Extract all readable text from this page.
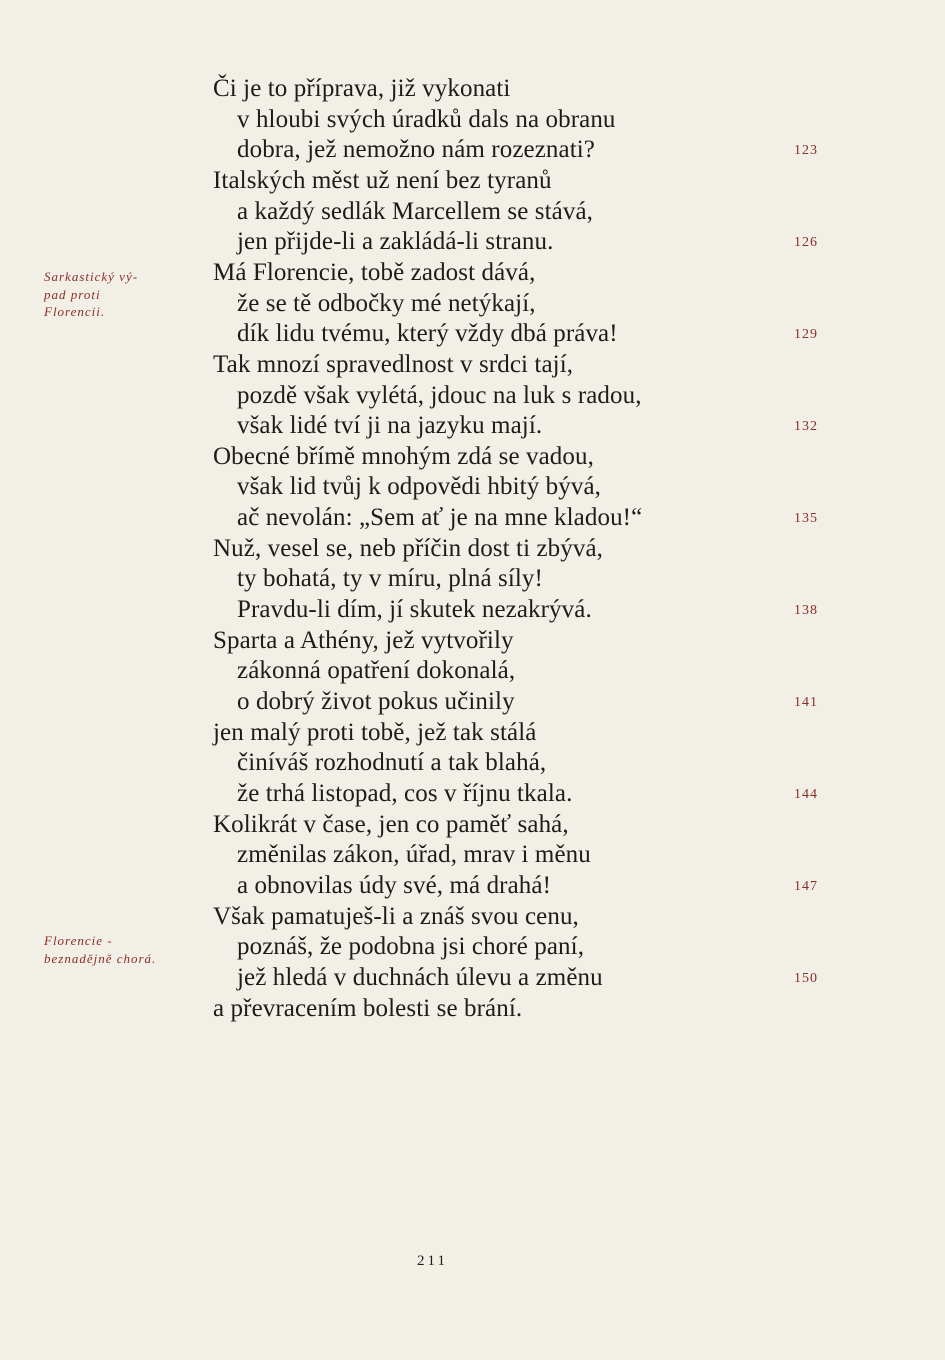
Či je to příprava, již vykonati
v hloubi svých úradků dals na obranu
dobra, jež nemožno nám rozeznati?
Italských měst už není bez tyranů
a každý sedlák Marcellem se stává,
jen přijde-li a zakládá-li stranu.
Má Florencie, tobě zadost dává,
že se tě odbočky mé netýkají,
dík lidu tvému, který vždy dbá práva!
Tak mnozí spravedlnost v srdci tají,
pozdě však vylétá, jdouc na luk s radou,
však lidé tví ji na jazyku mají.
Obecné břímě mnohým zdá se vadou,
však lid tvůj k odpovědi hbitý bývá,
ač nevolán: „Sem ať je na mne kladou!“
Nuž, vesel se, neb příčin dost ti zbývá,
ty bohatá, ty v míru, plná síly!
Pravdu-li dím, jí skutek nezakrývá.
Sparta a Athény, jež vytvořily
zákonná opatření dokonalá,
o dobrý život pokus učinily
jen malý proti tobě, jež tak stálá
činíváš rozhodnutí a tak blahá,
že trhá listopad, cos v říjnu tkala.
Kolikrát v čase, jen co paměť sahá,
změnilas zákon, úřad, mrav i měnu
a obnovilas údy své, má drahá!
Však pamatuješ-li a znáš svou cenu,
poznáš, že podobna jsi choré paní,
jež hledá v duchnách úlevu a změnu
a převracením bolesti se brání.
123
126
129
132
135
138
141
144
147
150
Sarkastický vý-
pad proti
Florencii.
Florencie -
beznadějně chorá.
211
